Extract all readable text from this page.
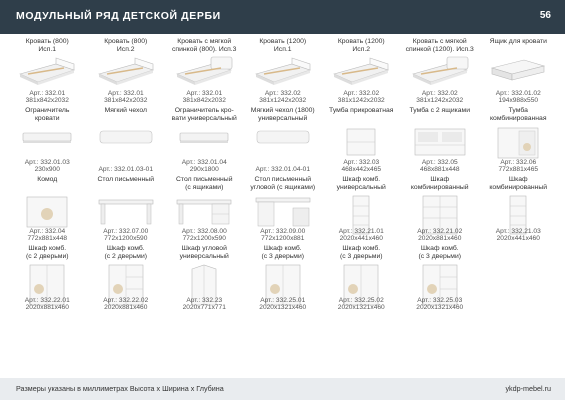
МОДУЛЬНЫЙ РЯД ДЕТСКОЙ ДЕРБИ	56
Кровать (800)
Исп.1
Арт.: 332.01
381x842x2032
Кровать (800)
Исп.2
Арт.: 332.01
381x842x2032
Кровать с мягкой
спинкой (800). Исп.3
Арт.: 332.01
381x842x2032
Кровать (1200)
Исп.1
Арт.: 332.02
381x1242x2032
Кровать (1200)
Исп.2
Арт.: 332.02
381x1242x2032
Кровать с мягкой
спинкой (1200). Исп.3
Арт.: 332.02
381x1242x2032
Ящик для кровати
Арт.: 332.01.02
194x988x550
Ограничитель
кровати
Арт.: 332.01.03
230x900
Мягкий чехол
Арт.: 332.01.03-01
Ограничитель кро-
вати универсальный
Арт.: 332.01.04
290x1800
Мягкий чехол (1800)
универсальный
Арт.: 332.01.04-01
Тумба прикроватная
Арт.: 332.03
468x442x465
Тумба с 2 ящиками
Арт.: 332.05
468x881x448
Тумба
комбинированная
Арт.: 332.06
772x881x465
Комод
Арт.: 332.04
772x881x448
Стол письменный
Арт.: 332.07.00
772x1200x590
Стол письменный
(с ящиками)
Арт.: 332.08.00
772x1200x590
Стол письменный
угловой (с ящиками)
Арт.: 332.09.00
772x1200x881
Шкаф комб.
универсальный
Арт.: 332.21.01
2020x441x460
Шкаф
комбинированный
Арт.: 332.21.02
2020x881x460
Шкаф
комбинированный
Арт.: 332.21.03
2020x441x460
Шкаф комб.
(с 2 дверьми)
Арт.: 332.22.01
2020x881x460
Шкаф комб.
(с 2 дверьми)
Арт.: 332.22.02
2020x881x460
Шкаф угловой
универсальный
Арт.: 332.23
2020x771x771
Шкаф комб.
(с 3 дверьми)
Арт.: 332.25.01
2020x1321x460
Шкаф комб.
(с 3 дверьми)
Арт.: 332.25.02
2020x1321x460
Шкаф комб.
(с 3 дверьми)
Арт.: 332.25.03
2020x1321x460
Размеры указаны в миллиметрах Высота х Ширина х Глубина	ykdp-mebel.ru
